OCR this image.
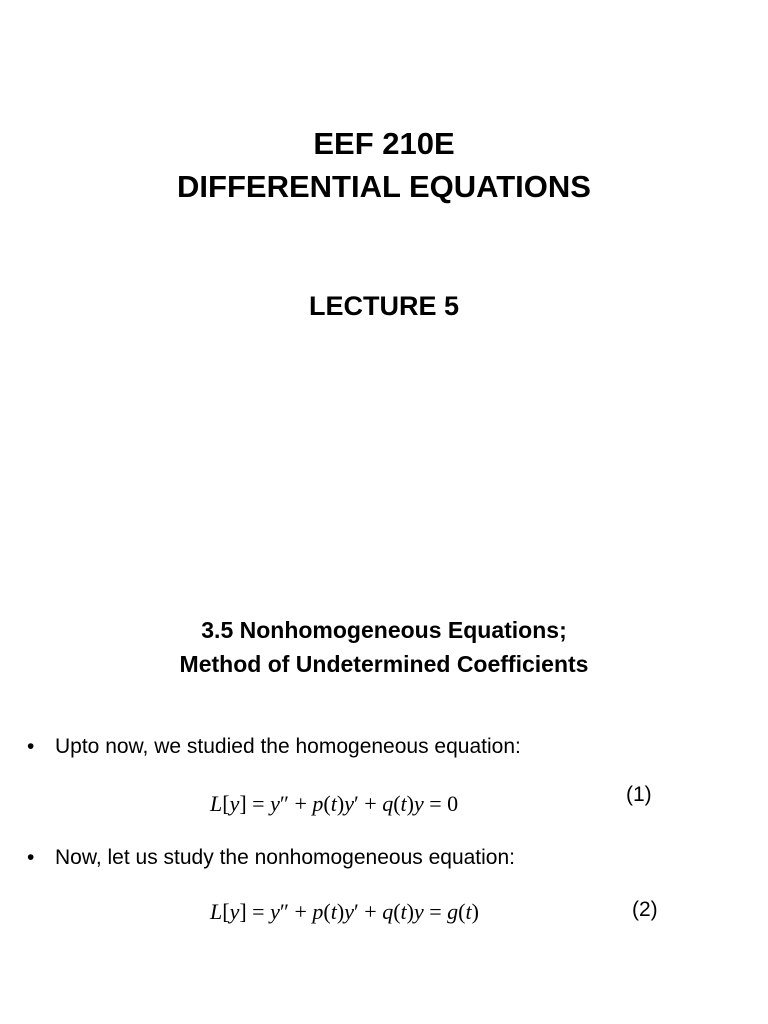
EEF 210E
DIFFERENTIAL EQUATIONS
LECTURE 5
3.5 Nonhomogeneous Equations;
Method of Undetermined Coefficients
• Upto now, we studied the homogeneous equation:
L[y] = y″ + p(t)y′ + q(t)y = 0	(1)
• Now, let us study the nonhomogeneous equation:
L[y] = y″ + p(t)y′ + q(t)y = g(t)	(2)
